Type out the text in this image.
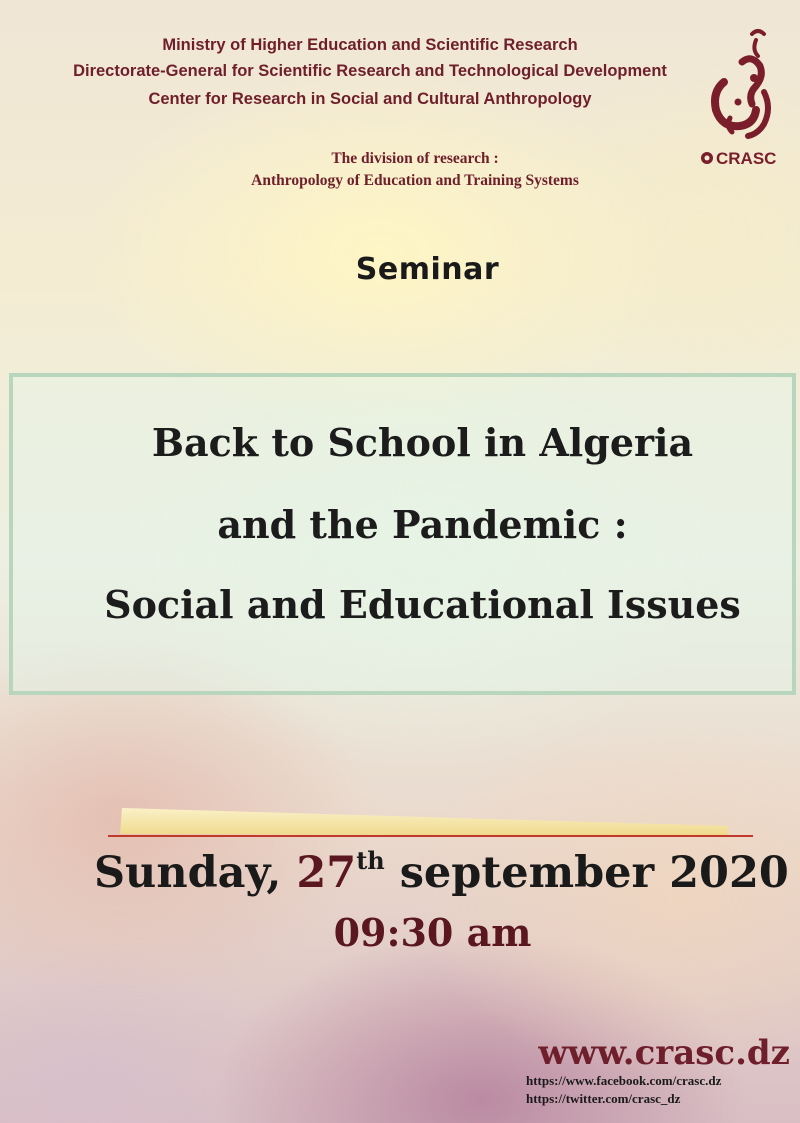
Ministry of Higher Education and Scientific Research
Directorate-General for Scientific Research and Technological Development
Center for Research in Social and Cultural Anthropology
The division of research :
Anthropology of Education and Training Systems
CRASC
Seminar
Back to School in Algeria
and the Pandemic :
Social and Educational Issues
Sunday, 27th september 2020
09:30 am
www.crasc.dz
https://www.facebook.com/crasc.dz
https://twitter.com/crasc_dz
